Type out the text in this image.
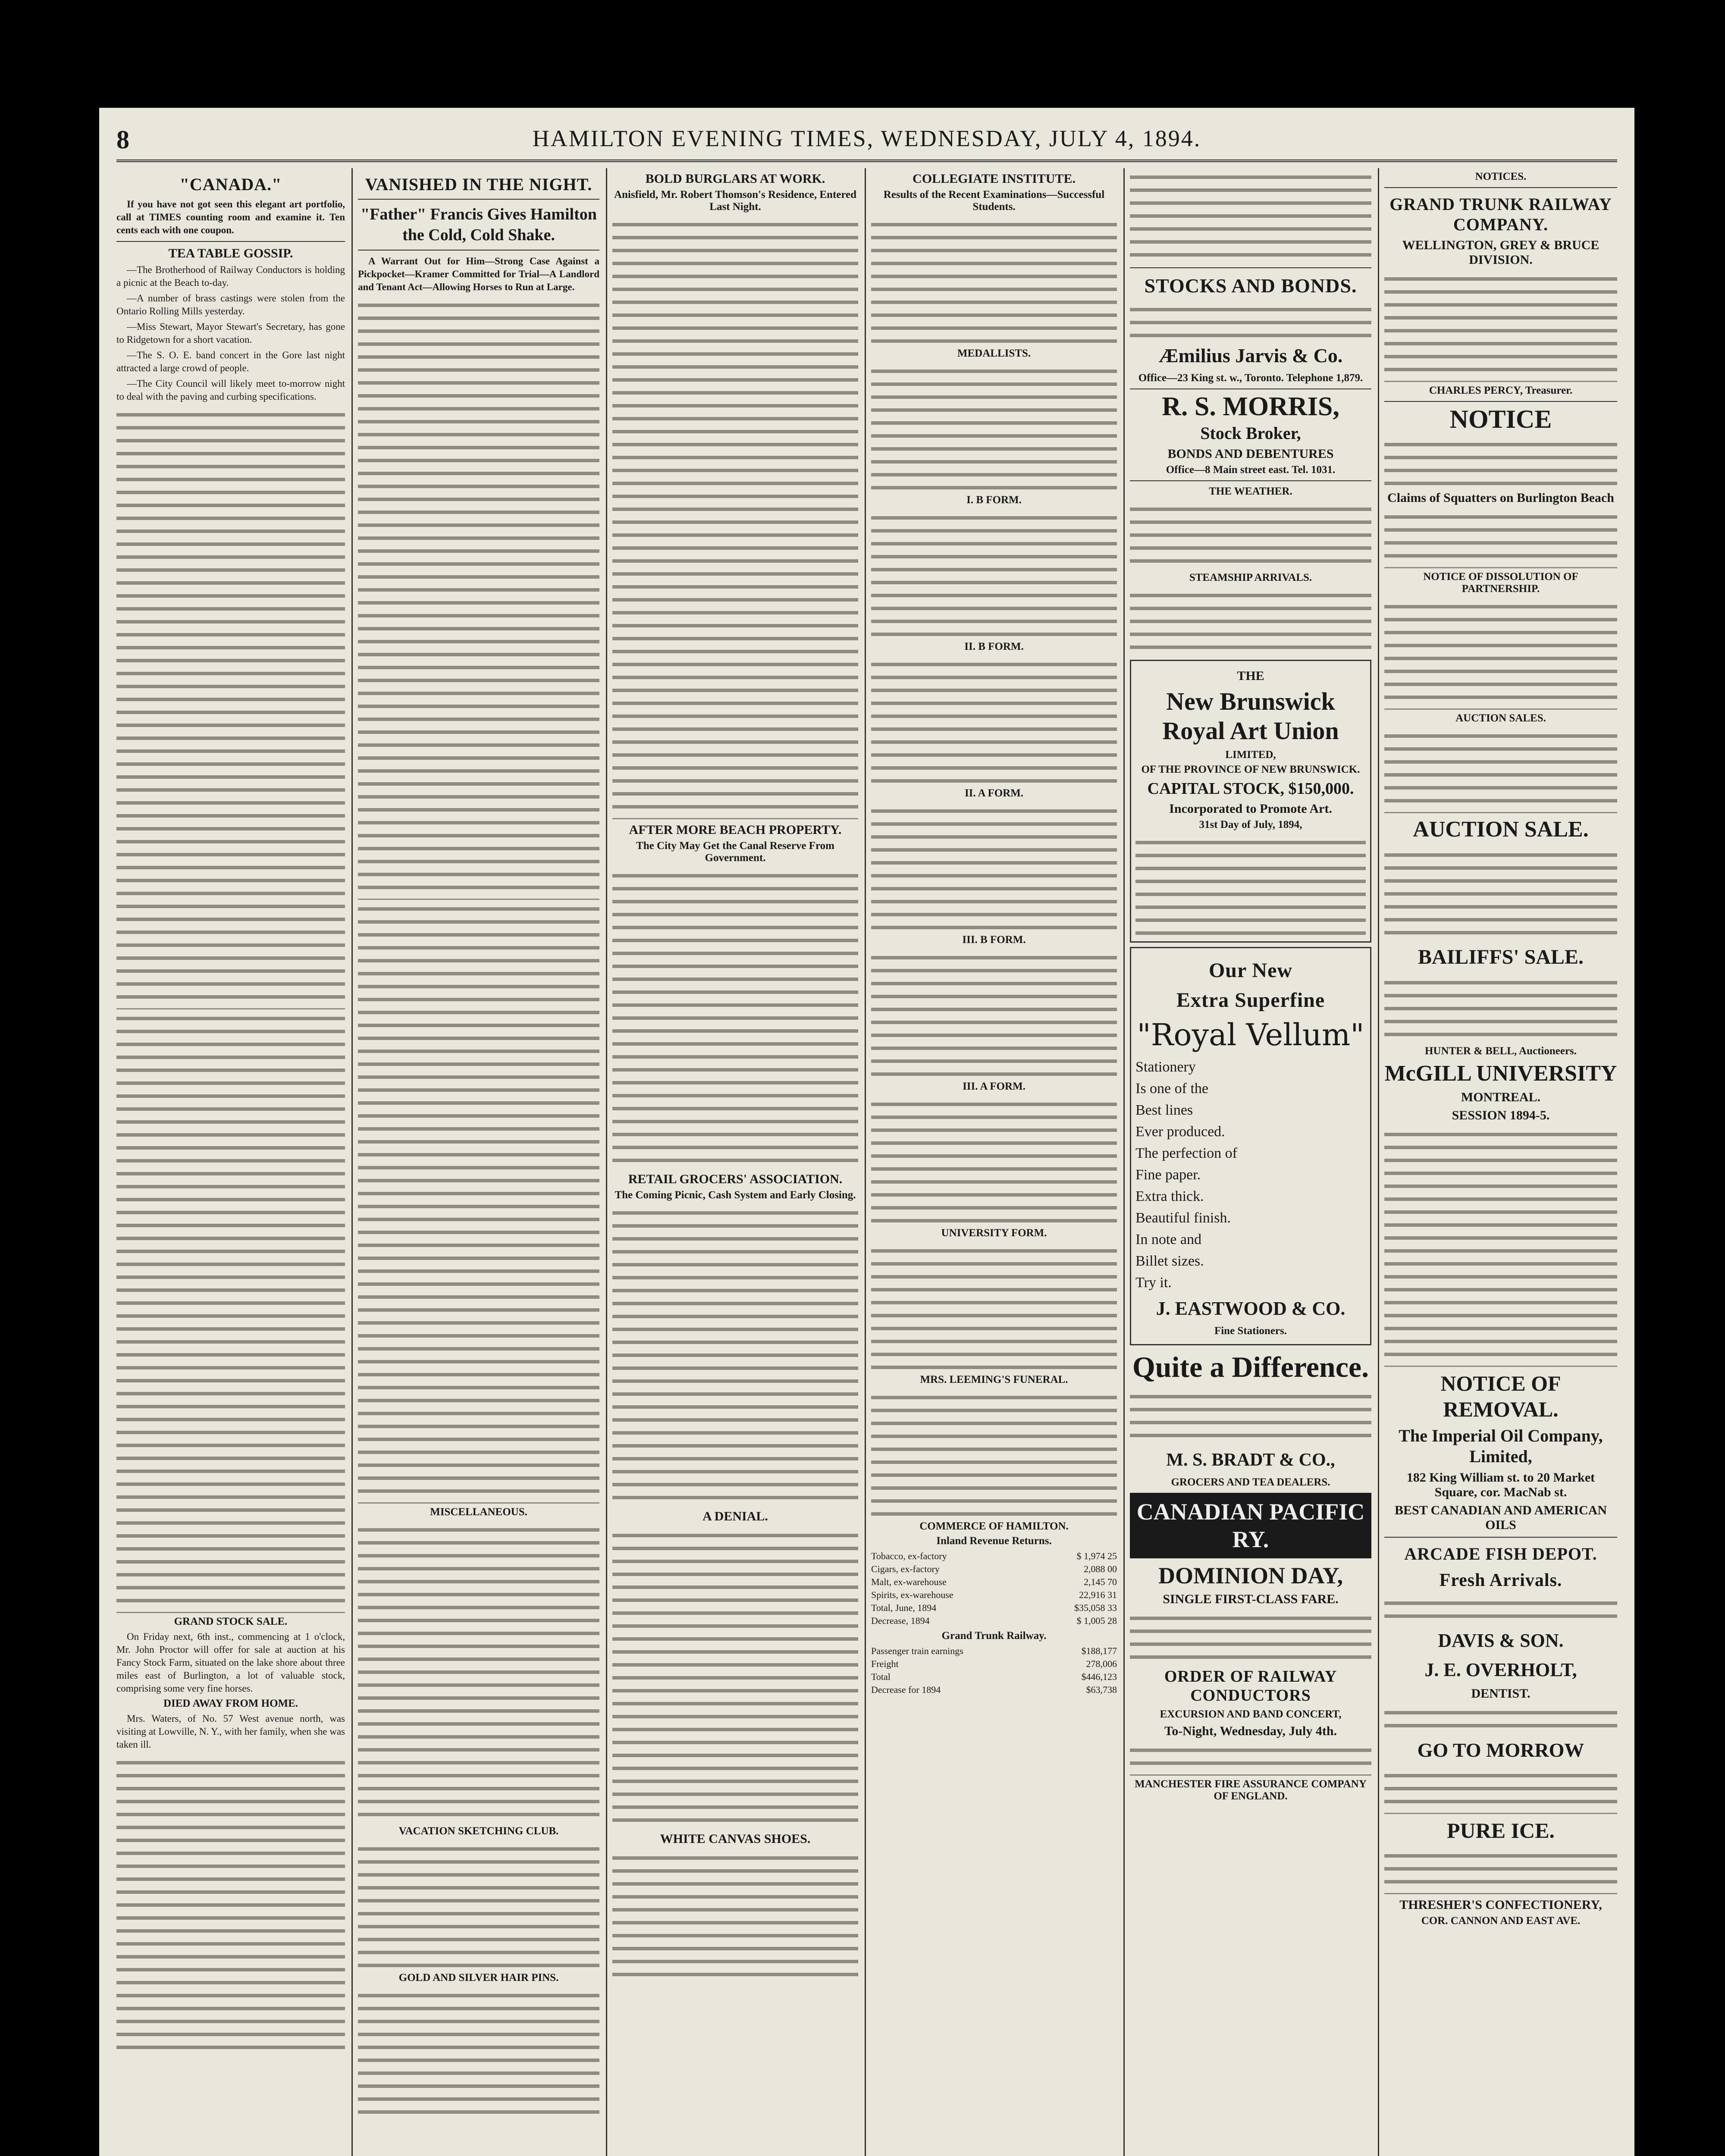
8	HAMILTON EVENING TIMES, WEDNESDAY, JULY 4, 1894.
"CANADA."

If you have not got seen this elegant art portfolio, call at TIMES counting room and examine it. Ten cents each with one coupon.

TEA TABLE GOSSIP.

—The Brotherhood of Railway Conductors is holding a picnic at the Beach to-day.

—A number of brass castings were stolen from the Ontario Rolling Mills yesterday.

—Miss Stewart, Mayor Stewart's Secretary, has gone to Ridgetown for a short vacation.

—The S. O. E. band concert in the Gore last night attracted a large crowd of people.

—The City Council will likely meet to-morrow night to deal with the paving and curbing specifications.

GRAND STOCK SALE.

On Friday next, 6th inst., commencing at 1 o'clock, Mr. John Proctor will offer for sale at auction at his Fancy Stock Farm, situated on the lake shore about three miles east of Burlington, a lot of valuable stock, comprising some very fine horses.

DIED AWAY FROM HOME.

Mrs. Waters, of No. 57 West avenue north, was visiting at Lowville, N. Y., with her family, when she was taken ill.

VANISHED IN THE NIGHT.
"Father" Francis Gives Hamilton the Cold, Cold Shake.

A Warrant Out for Him—Strong Case Against a Pickpocket—Kramer Committed for Trial—A Landlord and Tenant Act—Allowing Horses to Run at Large.

MISCELLANEOUS.
VACATION SKETCHING CLUB.
GOLD AND SILVER HAIR PINS.
BOLD BURGLARS AT WORK.
Anisfield, Mr. Robert Thomson's Residence, Entered Last Night.
AFTER MORE BEACH PROPERTY.
The City May Get the Canal Reserve From Government.
RETAIL GROCERS' ASSOCIATION.
The Coming Picnic, Cash System and Early Closing.
A DENIAL.
WHITE CANVAS SHOES.
COLLEGIATE INSTITUTE.
Results of the Recent Examinations—Successful Students.
MEDALLISTS.
I. B FORM.
II. B FORM.
II. A FORM.
III. B FORM.
III. A FORM.
UNIVERSITY FORM.
MRS. LEEMING'S FUNERAL.
COMMERCE OF HAMILTON.
Inland Revenue Returns.
Tobacco, ex-factory	$ 1,974 25
Cigars, ex-factory	2,088 00
Malt, ex-warehouse	2,145 70
Spirits, ex-warehouse	22,916 31
Total, June, 1894	$35,058 33
Decrease, 1894	$ 1,005 28
Grand Trunk Railway.
Passenger train earnings	$188,177
Freight	278,006
Total	$446,123
Decrease for 1894	$63,738
STOCKS AND BONDS.
Æmilius Jarvis & Co.
Office—23 King st. w., Toronto. Telephone 1,879.
R. S. MORRIS,
Stock Broker,
BONDS AND DEBENTURES
Office—8 Main street east. Tel. 1031.
THE WEATHER.
STEAMSHIP ARRIVALS.
THE
New Brunswick Royal Art Union
LIMITED,
OF THE PROVINCE OF NEW BRUNSWICK.
CAPITAL STOCK, $150,000.
Incorporated to Promote Art.
31st Day of July, 1894,
Our New
Extra Superfine
"Royal Vellum"

Stationery

Is one of the

Best lines

Ever produced.

The perfection of

Fine paper.

Extra thick.

Beautiful finish.

In note and

Billet sizes.

Try it.

J. EASTWOOD & CO.
Fine Stationers.
Quite a Difference.
M. S. BRADT & CO.,
GROCERS AND TEA DEALERS.
CANADIAN PACIFIC RY.
DOMINION DAY,
SINGLE FIRST-CLASS FARE.
ORDER OF RAILWAY CONDUCTORS
EXCURSION AND BAND CONCERT,
To-Night, Wednesday, July 4th.
MANCHESTER FIRE ASSURANCE COMPANY OF ENGLAND.
NOTICES.
GRAND TRUNK RAILWAY COMPANY.
WELLINGTON, GREY & BRUCE DIVISION.
CHARLES PERCY, Treasurer.
NOTICE
Claims of Squatters on Burlington Beach
NOTICE OF DISSOLUTION OF PARTNERSHIP.
AUCTION SALES.
AUCTION SALE.
BAILIFFS' SALE.
HUNTER & BELL, Auctioneers.
McGILL UNIVERSITY
MONTREAL.
SESSION 1894-5.
NOTICE OF REMOVAL.
The Imperial Oil Company, Limited,
182 King William st. to 20 Market Square, cor. MacNab st.
BEST CANADIAN AND AMERICAN OILS
ARCADE FISH DEPOT.
Fresh Arrivals.
DAVIS & SON.
J. E. OVERHOLT,
DENTIST.
GO TO MORROW
PURE ICE.
THRESHER'S CONFECTIONERY,
COR. CANNON AND EAST AVE.
